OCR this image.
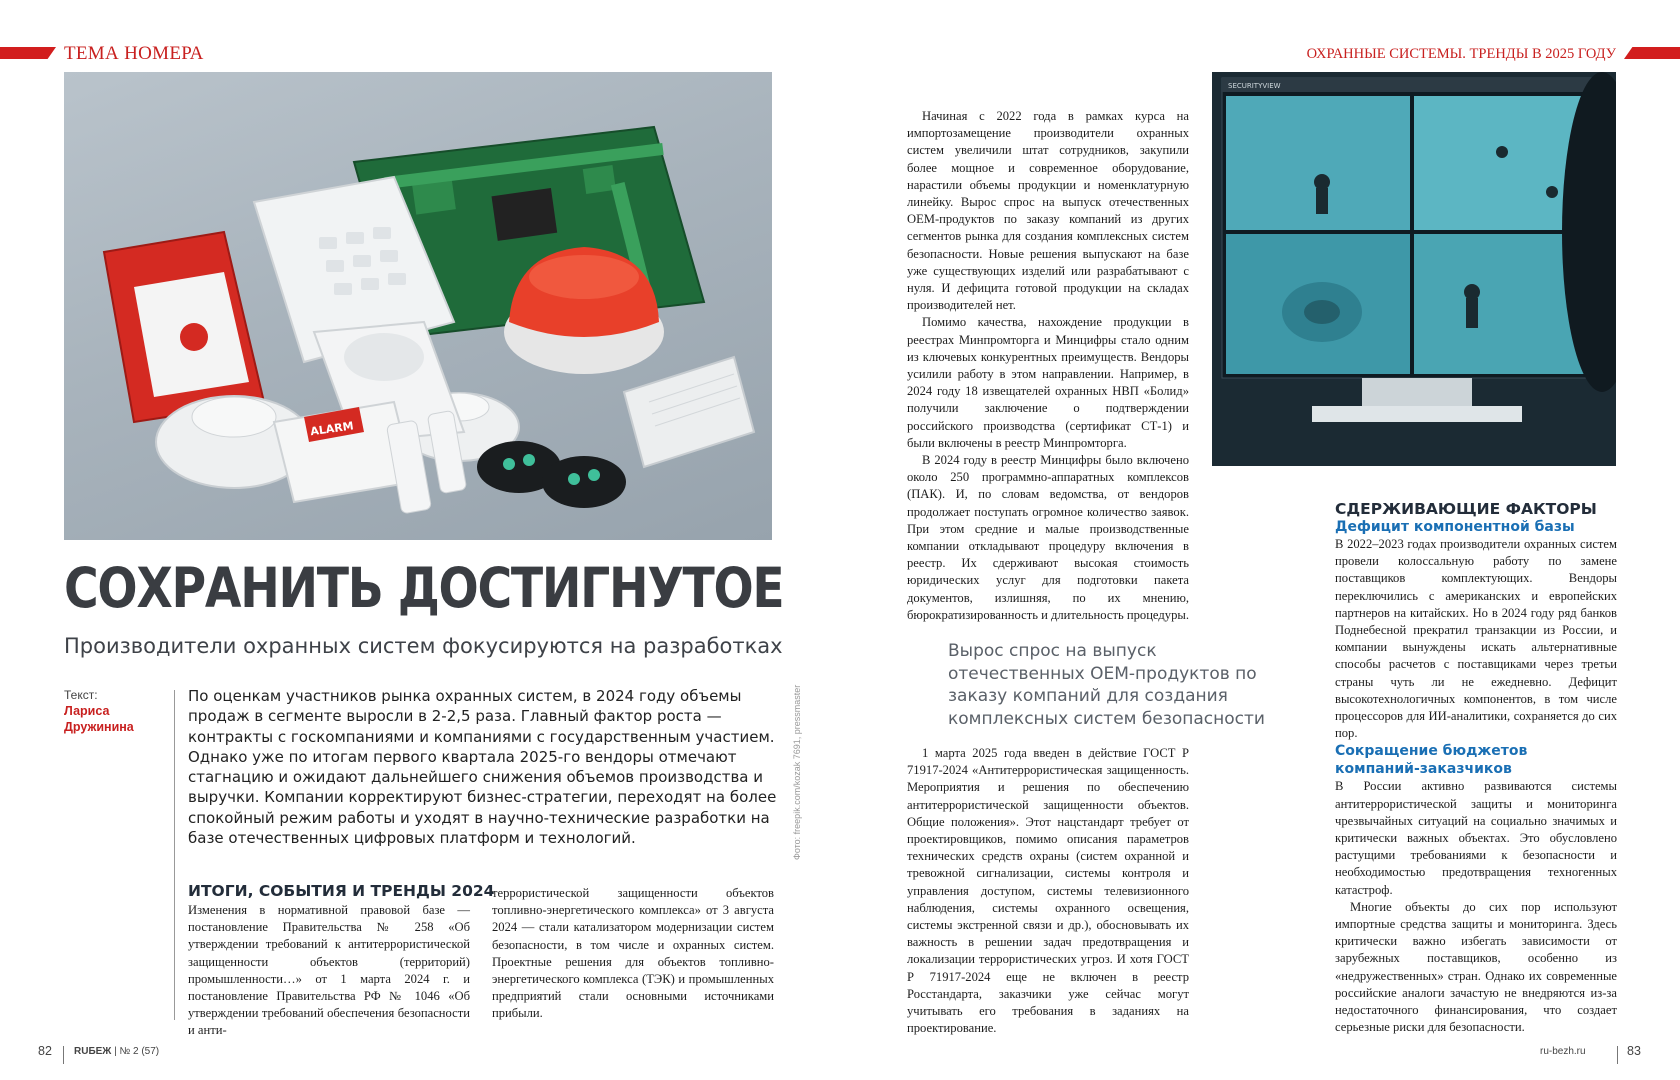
ТЕМА НОМЕРА	ОХРАННЫЕ СИСТЕМЫ. ТРЕНДЫ В 2025 ГОДУ
ALARM
SECURITYVIEW
СОХРАНИТЬ ДОСТИГНУТОЕ
Производители охранных систем фокусируются на разработках
Текст:
Лариса Дружинина
По оценкам участников рынка охранных систем, в 2024 году объемы продаж в сегменте выросли в 2-2,5 раза. Главный фактор роста — контракты с госкомпаниями и компаниями с государственным участием. Однако уже по итогам первого квартала 2025-го вендоры отмечают стагнацию и ожидают дальнейшего снижения объемов производства и выручки. Компании корректируют бизнес-стратегии, переходят на более спокойный режим работы и уходят в научно-технические разработки на базе отечественных цифровых платформ и технологий.
ИТОГИ, СОБЫТИЯ И ТРЕНДЫ 2024

Изменения в нормативной правовой базе — постановление Правительства № 258 «Об утверждении требований к антитеррористической защищенности объектов (территорий) промышленности…» от 1 марта 2024 г. и постановление Правительства РФ № 1046 «Об утверждении требований обеспечения безопасности и анти-

террористической защищенности объектов топливно-энергетического комплекса» от 3 августа 2024 — стали катализатором модернизации систем безопасности, в том числе и охранных систем. Проектные решения для объектов топливно-энергетического комплекса (ТЭК) и промышленных предприятий стали основными источниками прибыли.

Фото: freepik.com/kozak 7691, pressmaster

Начиная с 2022 года в рамках курса на импортозамещение производители охранных систем увеличили штат сотрудников, закупили более мощное и современное оборудование, нарастили объемы продукции и номенклатурную линейку. Вырос спрос на выпуск отечественных OEM-продуктов по заказу компаний из других сегментов рынка для создания комплексных систем безопасности. Новые решения выпускают на базе уже существующих изделий или разрабатывают с нуля. И дефицита готовой продукции на складах производителей нет.

Помимо качества, нахождение продукции в реестрах Минпромторга и Минцифры стало одним из ключевых конкурентных преимуществ. Вендоры усилили работу в этом направлении. Например, в 2024 году 18 извещателей охранных НВП «Болид» получили заключение о подтверждении российского производства (сертификат СТ-1) и были включены в реестр Минпромторга.

В 2024 году в реестр Минцифры было включено около 250 программно-аппаратных комплексов (ПАК). И, по словам ведомства, от вендоров продолжает поступать огромное количество заявок. При этом средние и малые производственные компании откладывают процедуру включения в реестр. Их сдерживают высокая стоимость юридических услуг для подготовки пакета документов, излишняя, по их мнению, бюрократизированность и длительность процедуры.

Вырос спрос на выпуск отечественных OEM-продуктов по заказу компаний для создания комплексных систем безопасности

1 марта 2025 года введен в действие ГОСТ Р 71917-2024 «Антитеррористическая защищенность. Мероприятия и решения по обеспечению антитеррористической защищенности объектов. Общие положения». Этот нацстандарт требует от проектировщиков, помимо описания параметров технических средств охраны (систем охранной и тревожной сигнализации, системы контроля и управления доступом, системы телевизионного наблюдения, системы охранного освещения, системы экстренной связи и др.), обосновывать их важность в решении задач предотвращения и локализации террористических угроз. И хотя ГОСТ Р 71917-2024 еще не включен в реестр Росстандарта, заказчики уже сейчас могут учитывать его требования в заданиях на проектирование.

СДЕРЖИВАЮЩИЕ ФАКТОРЫ
Дефицит компонентной базы

В 2022–2023 годах производители охранных систем провели колоссальную работу по замене поставщиков комплектующих. Вендоры переключились с американских и европейских партнеров на китайских. Но в 2024 году ряд банков Поднебесной прекратил транзакции из России, и компании вынуждены искать альтернативные способы расчетов с поставщиками через третьи страны чуть ли не ежедневно. Дефицит высокотехнологичных компонентов, в том числе процессоров для ИИ-аналитики, сохраняется до сих пор.

Сокращение бюджетов компаний-заказчиков

В России активно развиваются системы антитеррористической защиты и мониторинга чрезвычайных ситуаций на социально значимых и критически важных объектах. Это обусловлено растущими требованиями к безопасности и необходимостью предотвращения техногенных катастроф.

Многие объекты до сих пор используют импортные средства защиты и мониторинга. Здесь критически важно избегать зависимости от зарубежных поставщиков, особенно из «недружественных» стран. Однако их современные российские аналоги зачастую не внедряются из-за недостаточного финансирования, что создает серьезные риски для безопасности.

82 RUБЕЖ | № 2 (57)	ru-bezh.ru	83
